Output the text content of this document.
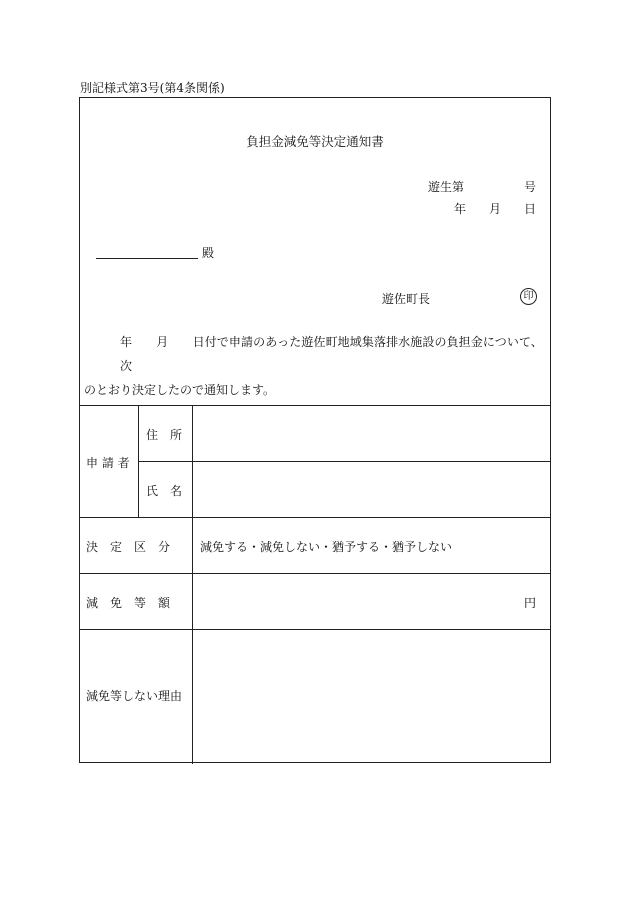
別記様式第3号(第4条関係)
負担金減免等決定通知書
遊生第	号
年 月 日
殿
遊佐町長	印
年　　月　　日付で申請のあった遊佐町地域集落排水施設の負担金について、次
のとおり決定したので通知します。
申 請 者
住　所
氏　名
決　定　区　分 減免する・減免しない・猶予する・猶予しない
減　免　等　額	円
減免等しない理由
